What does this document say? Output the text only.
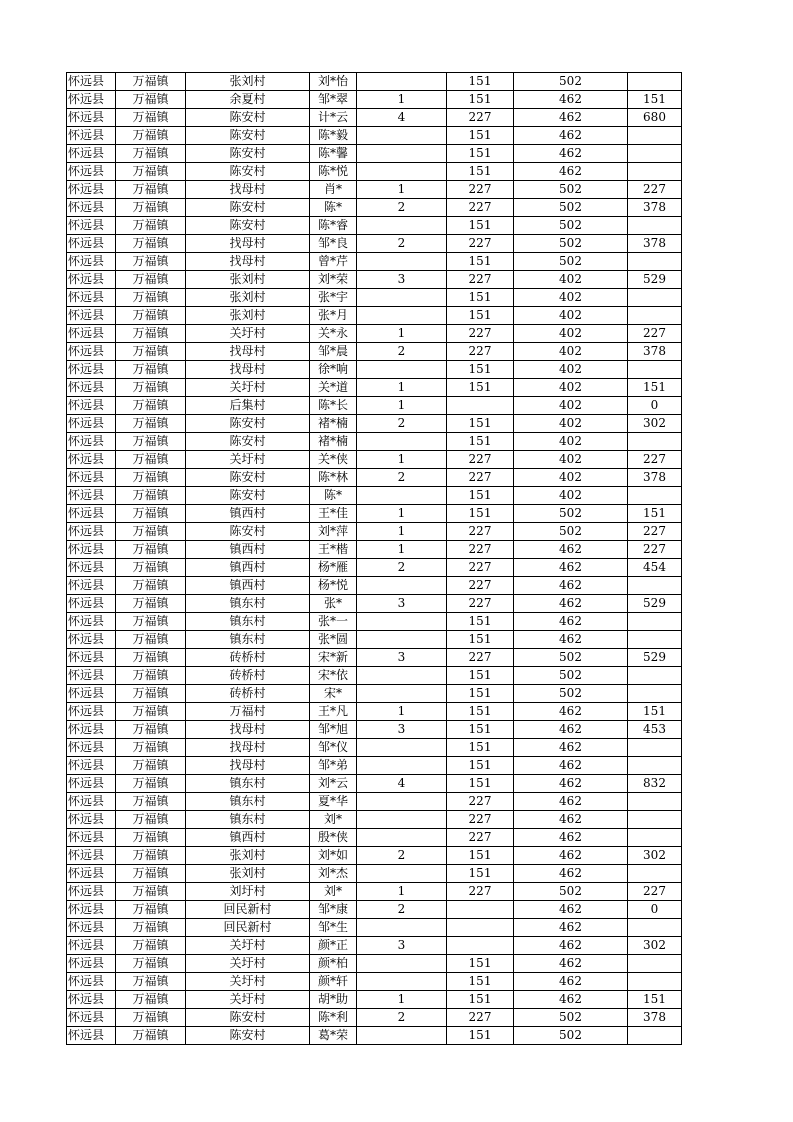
怀远县	万福镇	张刘村	刘*怡		151	502	
怀远县	万福镇	余夏村	邹*翠	1	151	462	151
怀远县	万福镇	陈安村	计*云	4	227	462	680
怀远县	万福镇	陈安村	陈*毅		151	462	
怀远县	万福镇	陈安村	陈*馨		151	462	
怀远县	万福镇	陈安村	陈*悦		151	462	
怀远县	万福镇	找母村	肖*	1	227	502	227
怀远县	万福镇	陈安村	陈*	2	227	502	378
怀远县	万福镇	陈安村	陈*睿		151	502	
怀远县	万福镇	找母村	邹*良	2	227	502	378
怀远县	万福镇	找母村	曾*芹		151	502	
怀远县	万福镇	张刘村	刘*荣	3	227	402	529
怀远县	万福镇	张刘村	张*宇		151	402	
怀远县	万福镇	张刘村	张*月		151	402	
怀远县	万福镇	关圩村	关*永	1	227	402	227
怀远县	万福镇	找母村	邹*晨	2	227	402	378
怀远县	万福镇	找母村	徐*响		151	402	
怀远县	万福镇	关圩村	关*道	1	151	402	151
怀远县	万福镇	后集村	陈*长	1		402	0
怀远县	万福镇	陈安村	褚*楠	2	151	402	302
怀远县	万福镇	陈安村	褚*楠		151	402	
怀远县	万福镇	关圩村	关*侠	1	227	402	227
怀远县	万福镇	陈安村	陈*林	2	227	402	378
怀远县	万福镇	陈安村	陈*		151	402	
怀远县	万福镇	镇西村	王*佳	1	151	502	151
怀远县	万福镇	陈安村	刘*萍	1	227	502	227
怀远县	万福镇	镇西村	王*楷	1	227	462	227
怀远县	万福镇	镇西村	杨*雁	2	227	462	454
怀远县	万福镇	镇西村	杨*悦		227	462	
怀远县	万福镇	镇东村	张*	3	227	462	529
怀远县	万福镇	镇东村	张*一		151	462	
怀远县	万福镇	镇东村	张*圆		151	462	
怀远县	万福镇	砖桥村	宋*新	3	227	502	529
怀远县	万福镇	砖桥村	宋*依		151	502	
怀远县	万福镇	砖桥村	宋*		151	502	
怀远县	万福镇	万福村	王*凡	1	151	462	151
怀远县	万福镇	找母村	邹*旭	3	151	462	453
怀远县	万福镇	找母村	邹*仪		151	462	
怀远县	万福镇	找母村	邹*弟		151	462	
怀远县	万福镇	镇东村	刘*云	4	151	462	832
怀远县	万福镇	镇东村	夏*华		227	462	
怀远县	万福镇	镇东村	刘*		227	462	
怀远县	万福镇	镇西村	殷*侠		227	462	
怀远县	万福镇	张刘村	刘*如	2	151	462	302
怀远县	万福镇	张刘村	刘*杰		151	462	
怀远县	万福镇	刘圩村	刘*	1	227	502	227
怀远县	万福镇	回民新村	邹*康	2		462	0
怀远县	万福镇	回民新村	邹*生			462	
怀远县	万福镇	关圩村	颜*正	3		462	302
怀远县	万福镇	关圩村	颜*柏		151	462	
怀远县	万福镇	关圩村	颜*轩		151	462	
怀远县	万福镇	关圩村	胡*助	1	151	462	151
怀远县	万福镇	陈安村	陈*利	2	227	502	378
怀远县	万福镇	陈安村	葛*荣		151	502	
